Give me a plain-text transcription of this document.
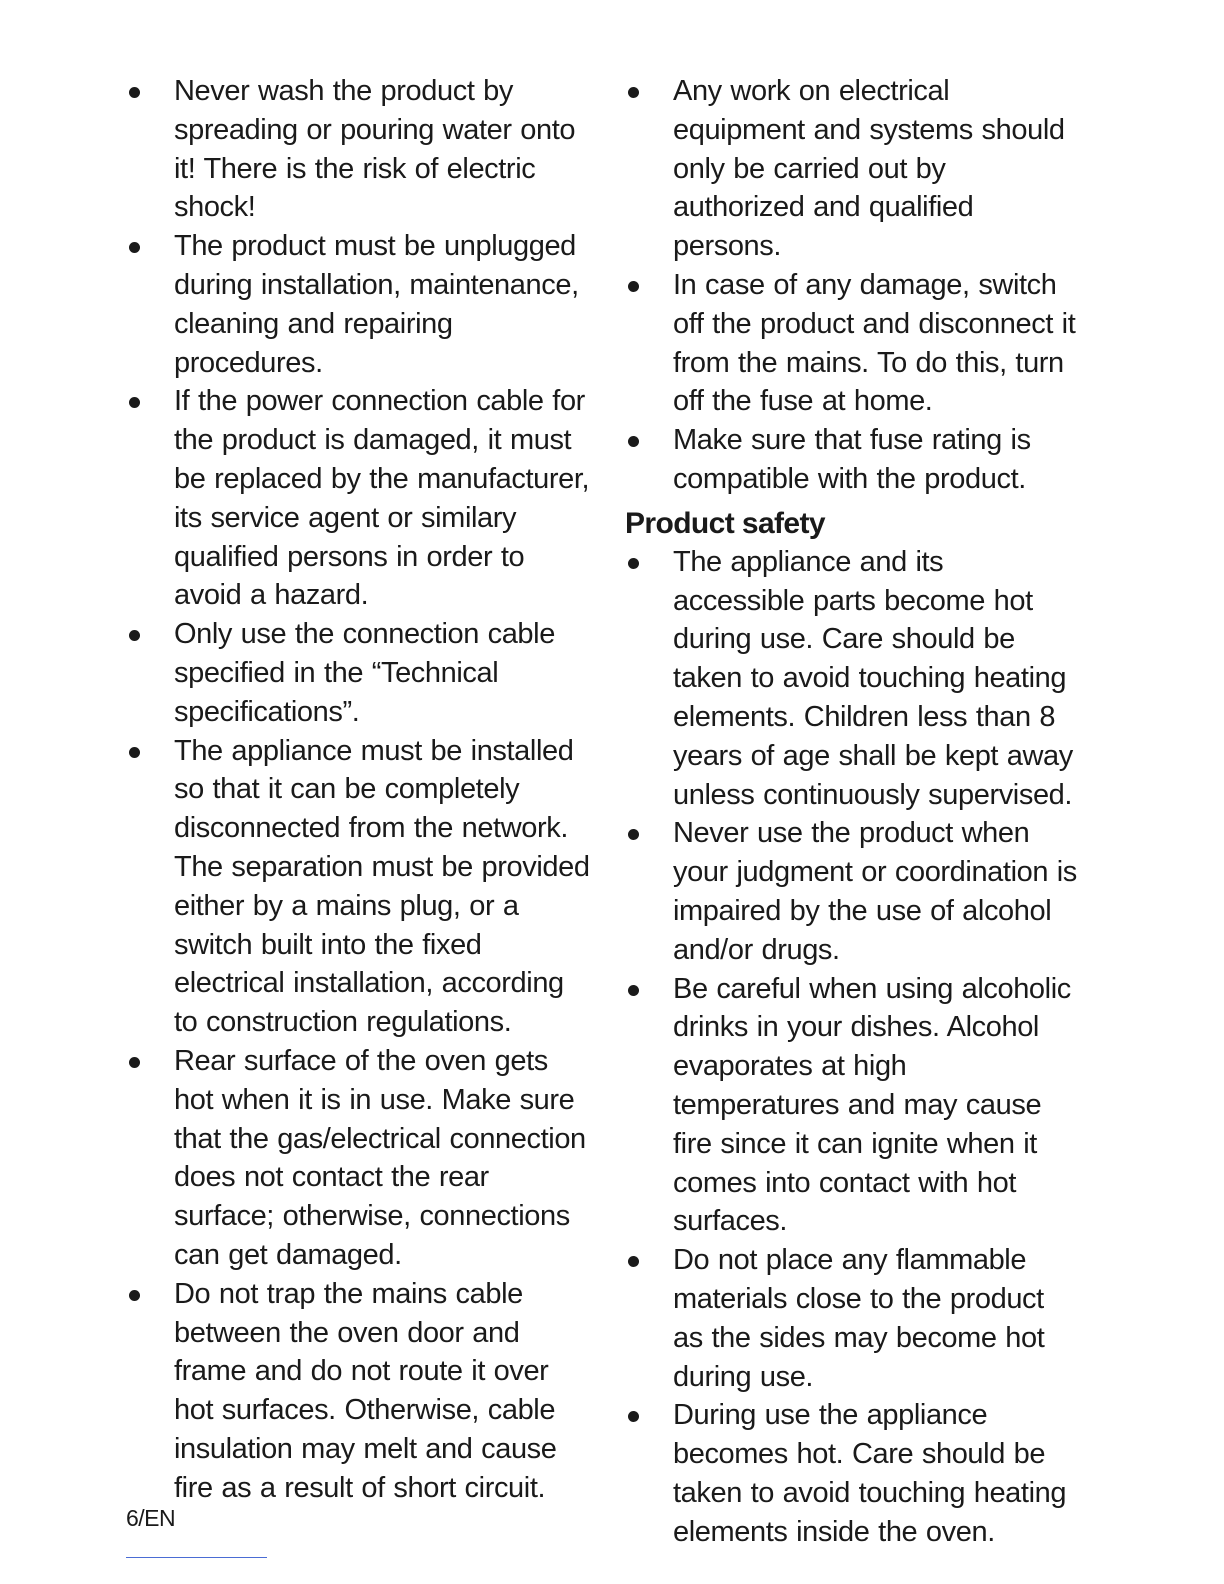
Never wash the product by spreading or pouring water onto it! There is the risk of electric shock!
The product must be unplugged during installation, maintenance, cleaning and repairing procedures.
If the power connection cable for the product is damaged, it must be replaced by the manufacturer, its service agent or similary qualified persons in order to avoid a hazard.
Only use the connection cable specified in the “Technical specifications”.
The appliance must be installed so that it can be completely disconnected from the network. The separation must be provided either by a mains plug, or a switch built into the fixed electrical installation, according to construction regulations.
Rear surface of the oven gets hot when it is in use. Make sure that the gas/electrical connection does not contact the rear surface; otherwise, connections can get damaged.
Do not trap the mains cable between the oven door and frame and do not route it over hot surfaces. Otherwise, cable insulation may melt and cause fire as a result of short circuit.
Any work on electrical equipment and systems should only be carried out by authorized and qualified persons.
In case of any damage, switch off the product and disconnect it from the mains. To do this, turn off the fuse at home.
Make sure that fuse rating is compatible with the product.
Product safety
The appliance and its accessible parts become hot during use. Care should be taken to avoid touching heating elements. Children less than 8 years of age shall be kept away unless continuously supervised.
Never use the product when your judgment or coordination is impaired by the use of alcohol and/or drugs.
Be careful when using alcoholic drinks in your dishes. Alcohol evaporates at high temperatures and may cause fire since it can ignite when it comes into contact with hot surfaces.
Do not place any flammable materials close to the product as the sides may become hot during use.
During use the appliance becomes hot. Care should be taken to avoid touching heating elements inside the oven.
6/EN
